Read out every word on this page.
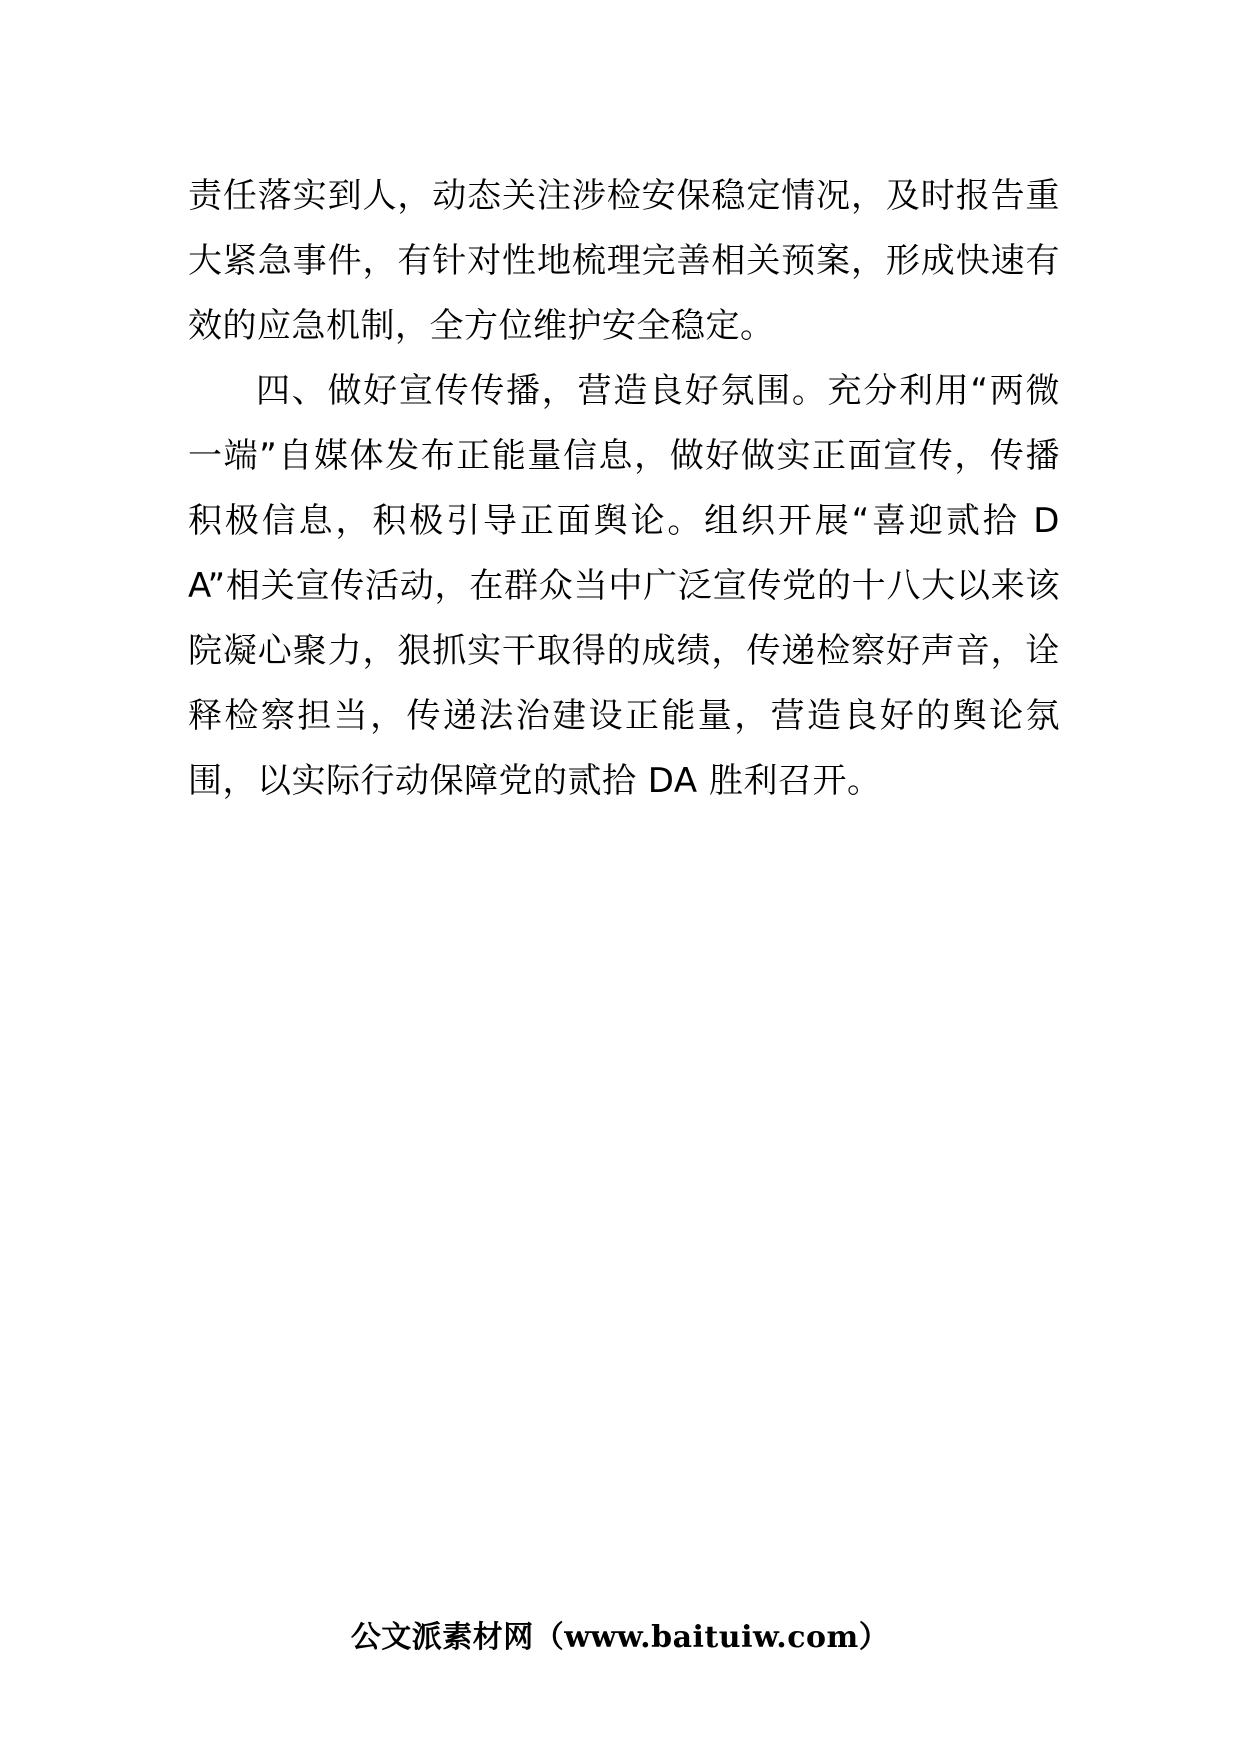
责任落实到人，动态关注涉检安保稳定情况，及时报告重大紧急事件，有针对性地梳理完善相关预案，形成快速有效的应急机制，全方位维护安全稳定。

四、做好宣传传播，营造良好氛围。充分利用“两微一端”自媒体发布正能量信息，做好做实正面宣传，传播积极信息，积极引导正面舆论。组织开展“喜迎贰拾 DA”相关宣传活动，在群众当中广泛宣传党的十八大以来该院凝心聚力，狠抓实干取得的成绩，传递检察好声音，诠释检察担当，传递法治建设正能量，营造良好的舆论氛围，以实际行动保障党的贰拾 DA 胜利召开。

公文派素材网（www.baituiw.com）
